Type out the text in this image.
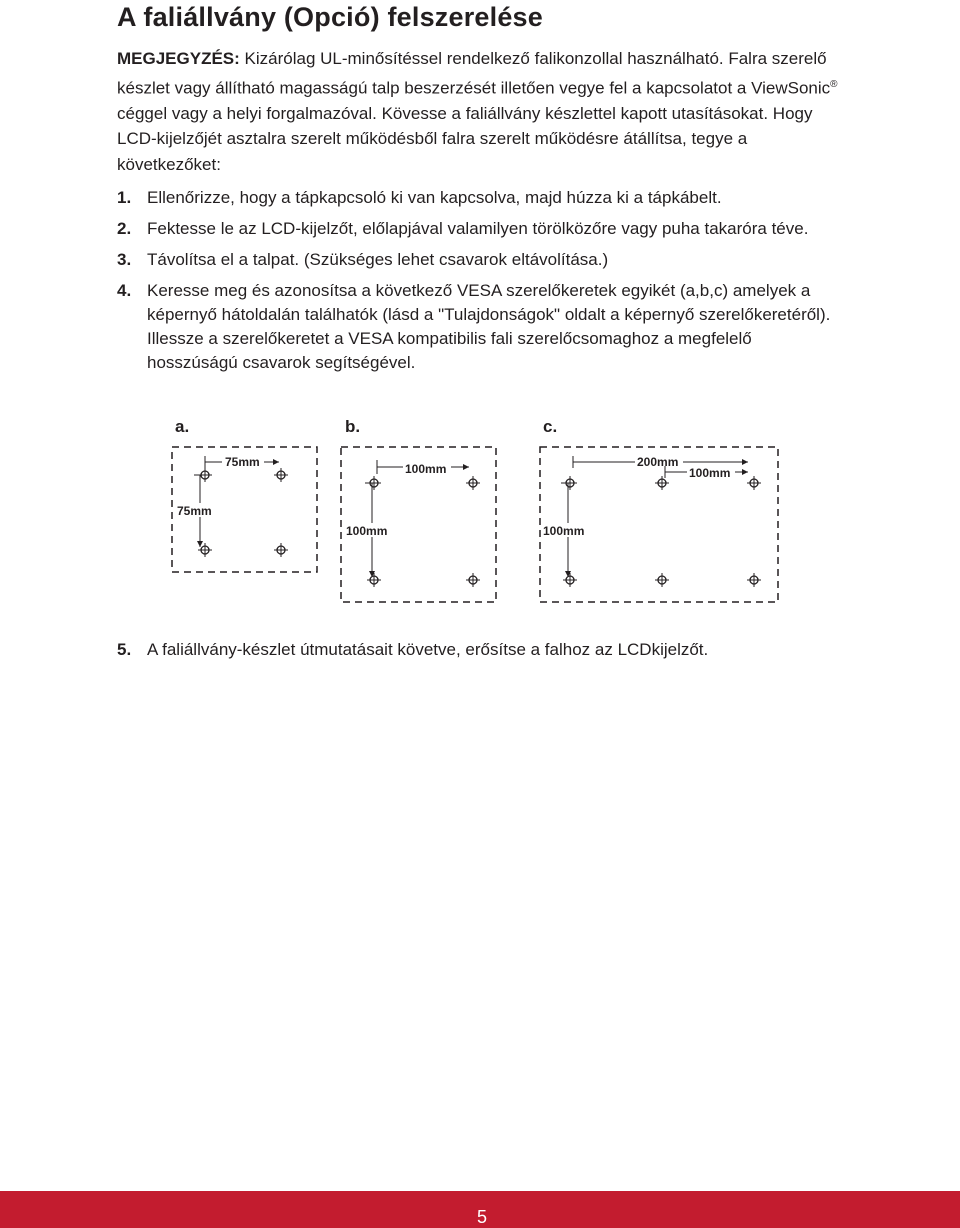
A faliállvány (Opció) felszerelése

MEGJEGYZÉS: Kizárólag UL-minősítéssel rendelkező falikonzollal használható. Falra szerelő készlet vagy állítható magasságú talp beszerzését illetően vegye fel a kapcsolatot a ViewSonic® céggel vagy a helyi forgalmazóval. Kövesse a faliállvány készlettel kapott utasításokat. Hogy LCD-kijelzőjét asztalra szerelt működésből falra szerelt működésre átállítsa, tegye a következőket:

1. Ellenőrizze, hogy a tápkapcsoló ki van kapcsolva, majd húzza ki a tápkábelt.
2. Fektesse le az LCD-kijelzőt, előlapjával valamilyen törölközőre vagy puha takaróra téve.
3. Távolítsa el a talpat. (Szükséges lehet csavarok eltávolítása.)
4. Keresse meg és azonosítsa a következő VESA szerelőkeretek egyikét (a,b,c) amelyek a képernyő hátoldalán találhatók (lásd a "Tulajdonságok" oldalt a képernyő szerelőkeretéről). Illessze a szerelőkeretet a VESA kompatibilis fali szerelőcsomaghoz a megfelelő hosszúságú csavarok segítségével.
a.
75mm
75mm
b.
100mm
100mm
c.
200mm
100mm
100mm
5. A faliállvány-készlet útmutatásait követve, erősítse a falhoz az LCDkijelzőt.
5
